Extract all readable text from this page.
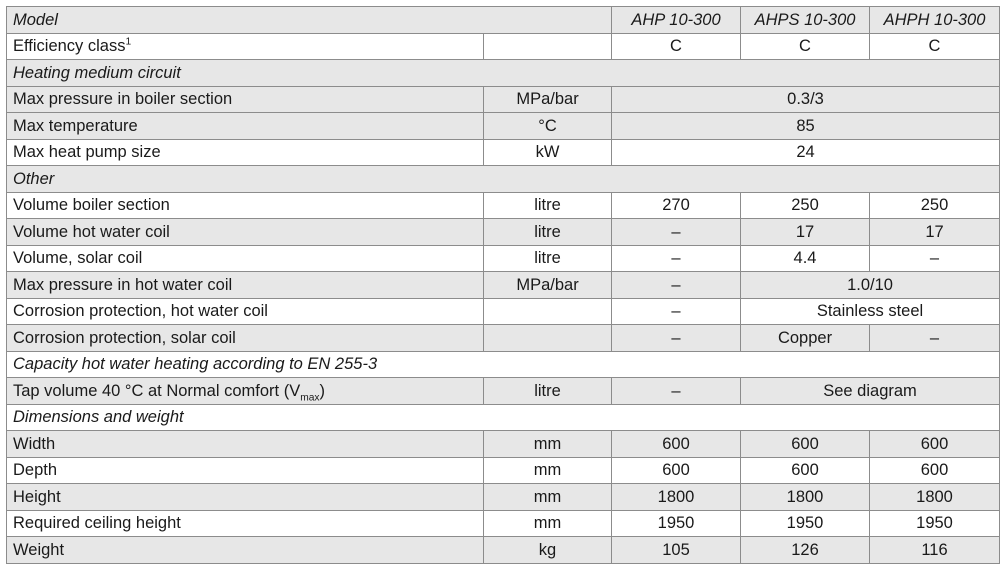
Model		AHP 10-300	AHPS 10-300	AHPH 10-300
Efficiency class$^1$		C	C	C
Heating medium circuit				
Max pressure in boiler section	MPa/bar	0.3/3		
Max temperature	°C	85		
Max heat pump size	kW	24		
Other				
Volume boiler section	litre	270	250	250
Volume hot water coil	litre	–	17	17
Volume, solar coil	litre	–	4.4	–
Max pressure in hot water coil	MPa/bar	–	1.0/10	
Corrosion protection, hot water coil		–	Stainless steel	
Corrosion protection, solar coil		–	Copper	–
Capacity hot water heating according to EN 255-3				
Tap volume 40 °C at Normal comfort $(V_{max})$	litre	–	See diagram	
Dimensions and weight				
Width	mm	600	600	600
Depth	mm	600	600	600
Height	mm	1800	1800	1800
Required ceiling height	mm	1950	1950	1950
Weight	kg	105	126	116
